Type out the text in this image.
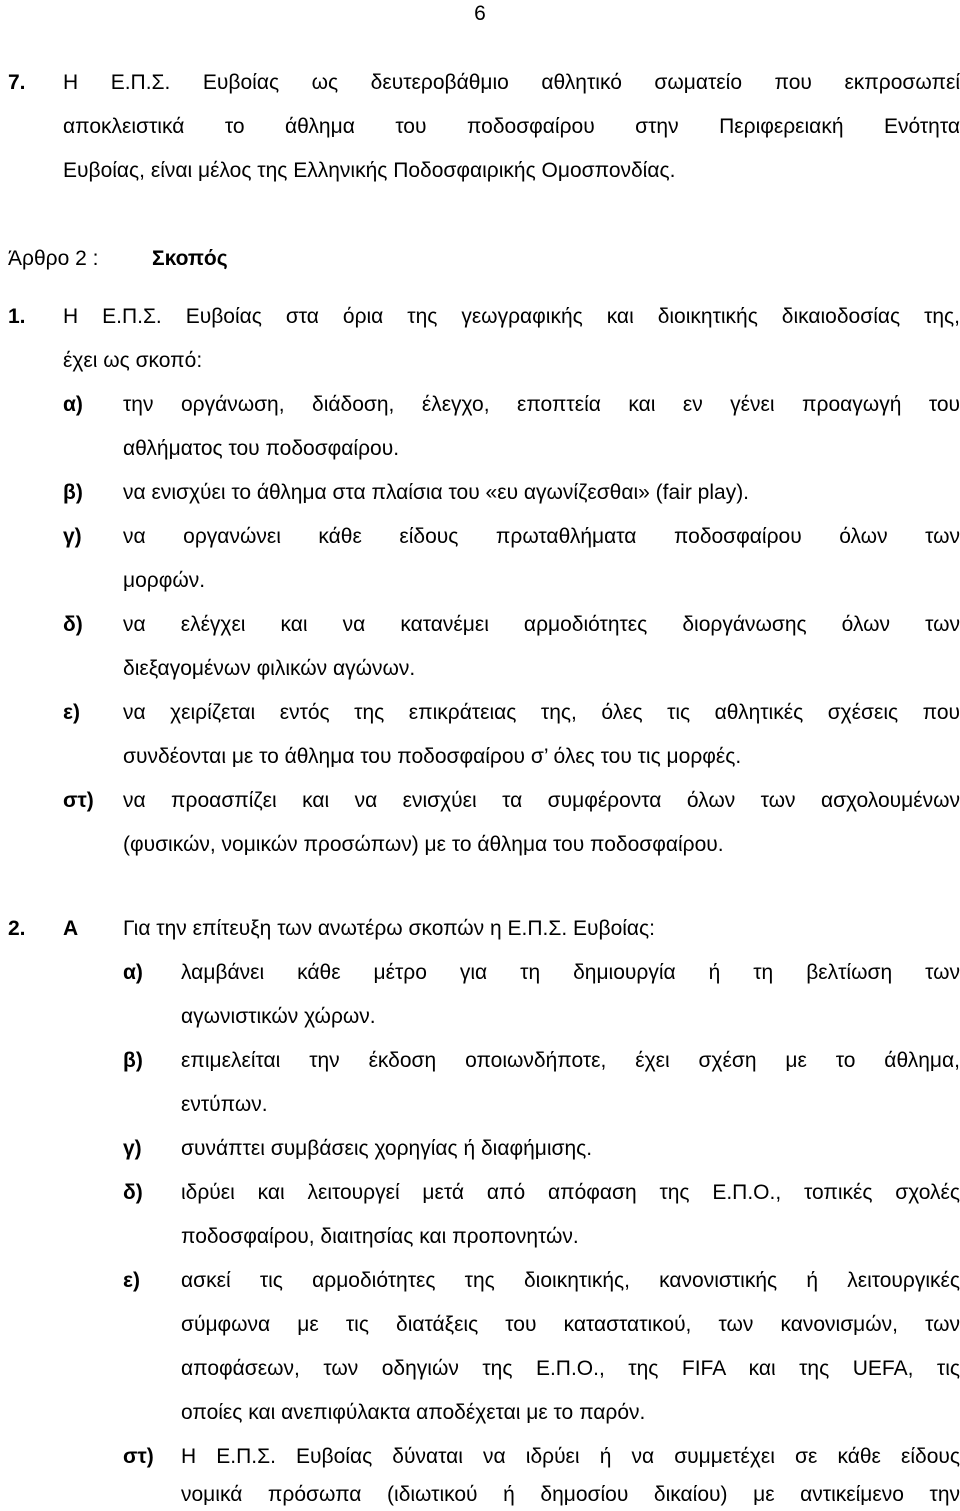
6
7. Η Ε.Π.Σ. Ευβοίας ως δευτεροβάθμιο αθλητικό σωματείο που εκπροσωπεί
αποκλειστικά το άθλημα του ποδοσφαίρου στην Περιφερειακή Ενότητα
Ευβοίας, είναι μέλος της Ελληνικής Ποδοσφαιρικής Ομοσπονδίας.
Άρθρο 2 :	Σκοπός
1. Η Ε.Π.Σ. Ευβοίας στα όρια της γεωγραφικής και διοικητικής δικαιοδοσίας της,
έχει ως σκοπό:
α) την οργάνωση, διάδοση, έλεγχο, εποπτεία και εν γένει προαγωγή του
αθλήματος του ποδοσφαίρου.
β) να ενισχύει το άθλημα στα πλαίσια του «ευ αγωνίζεσθαι» (fair play).
γ) να οργανώνει κάθε είδους πρωταθλήματα ποδοσφαίρου όλων των
μορφών.
δ) να ελέγχει και να κατανέμει αρμοδιότητες διοργάνωσης όλων των
διεξαγομένων φιλικών αγώνων.
ε) να χειρίζεται εντός της επικράτειας της, όλες τις αθλητικές σχέσεις που
συνδέονται με το άθλημα του ποδοσφαίρου σ’ όλες του τις μορφές.
στ) να προασπίζει και να ενισχύει τα συμφέροντα όλων των ασχολουμένων
(φυσικών, νομικών προσώπων) με το άθλημα του ποδοσφαίρου.
2. Α Για την επίτευξη των ανωτέρω σκοπών η Ε.Π.Σ. Ευβοίας:
α) λαμβάνει κάθε μέτρο για τη δημιουργία ή τη βελτίωση των
αγωνιστικών χώρων.
β) επιμελείται την έκδοση οποιωνδήποτε, έχει σχέση με το άθλημα,
εντύπων.
γ) συνάπτει συμβάσεις χορηγίας ή διαφήμισης.
δ) ιδρύει και λειτουργεί μετά από απόφαση της Ε.Π.Ο., τοπικές σχολές
ποδοσφαίρου, διαιτησίας και προπονητών.
ε) ασκεί τις αρμοδιότητες της διοικητικής, κανονιστικής ή λειτουργικές
σύμφωνα με τις διατάξεις του καταστατικού, των κανονισμών, των
αποφάσεων, των οδηγιών της Ε.Π.Ο., της FIFA και της UEFA, τις
οποίες και ανεπιφύλακτα αποδέχεται με το παρόν.
στ) Η Ε.Π.Σ. Ευβοίας δύναται να ιδρύει ή να συμμετέχει σε κάθε είδους
νομικά πρόσωπα (ιδιωτικού ή δημοσίου δικαίου) με αντικείμενο την
